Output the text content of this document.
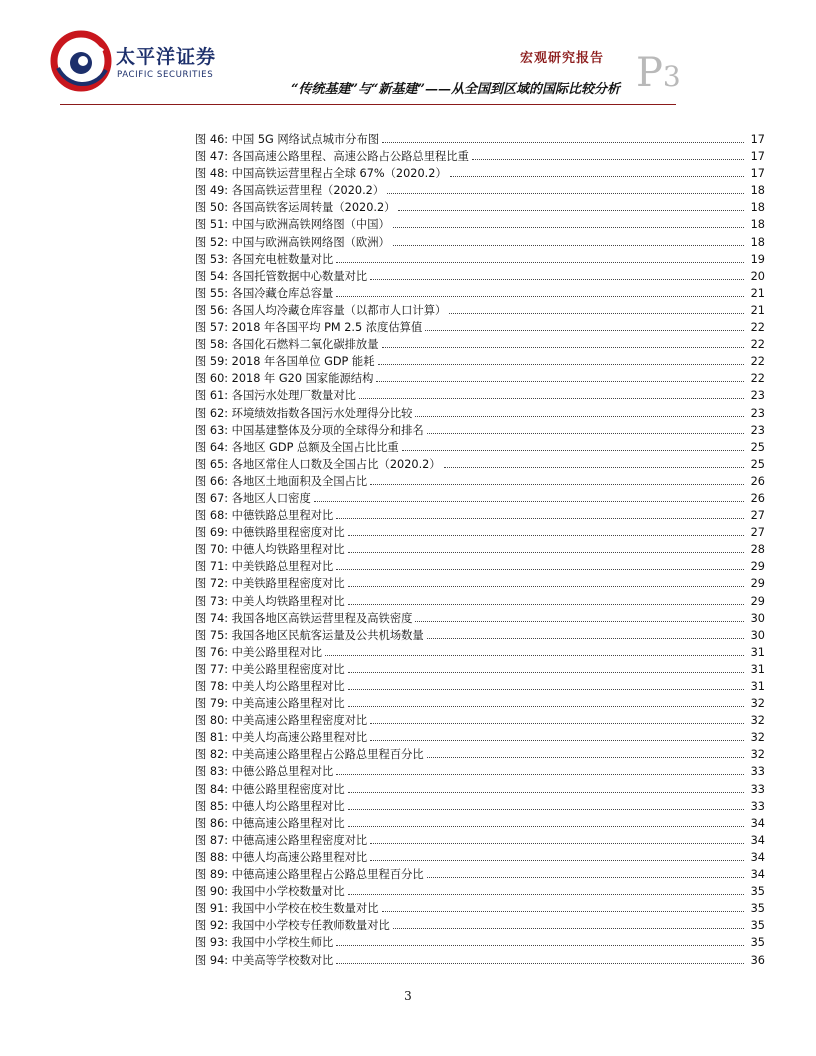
太平洋证券
PACIFIC SECURITIES
宏观研究报告 P3
“传统基建”与“新基建”——从全国到区域的国际比较分析
图 46: 中国 5G 网络试点城市分布图	17
图 47: 各国高速公路里程、高速公路占公路总里程比重	17
图 48: 中国高铁运营里程占全球 67%（2020.2）	17
图 49: 各国高铁运营里程（2020.2）	18
图 50: 各国高铁客运周转量（2020.2）	18
图 51: 中国与欧洲高铁网络图（中国）	18
图 52: 中国与欧洲高铁网络图（欧洲）	18
图 53: 各国充电桩数量对比	19
图 54: 各国托管数据中心数量对比	20
图 55: 各国冷藏仓库总容量	21
图 56: 各国人均冷藏仓库容量（以都市人口计算）	21
图 57: 2018 年各国平均 PM 2.5 浓度估算值	22
图 58: 各国化石燃料二氧化碳排放量	22
图 59: 2018 年各国单位 GDP 能耗	22
图 60: 2018 年 G20 国家能源结构	22
图 61: 各国污水处理厂数量对比	23
图 62: 环境绩效指数各国污水处理得分比较	23
图 63: 中国基建整体及分项的全球得分和排名	23
图 64: 各地区 GDP 总额及全国占比比重	25
图 65: 各地区常住人口数及全国占比（2020.2）	25
图 66: 各地区土地面积及全国占比	26
图 67: 各地区人口密度	26
图 68: 中德铁路总里程对比	27
图 69: 中德铁路里程密度对比	27
图 70: 中德人均铁路里程对比	28
图 71: 中美铁路总里程对比	29
图 72: 中美铁路里程密度对比	29
图 73: 中美人均铁路里程对比	29
图 74: 我国各地区高铁运营里程及高铁密度	30
图 75: 我国各地区民航客运量及公共机场数量	30
图 76: 中美公路里程对比	31
图 77: 中美公路里程密度对比	31
图 78: 中美人均公路里程对比	31
图 79: 中美高速公路里程对比	32
图 80: 中美高速公路里程密度对比	32
图 81: 中美人均高速公路里程对比	32
图 82: 中美高速公路里程占公路总里程百分比	32
图 83: 中德公路总里程对比	33
图 84: 中德公路里程密度对比	33
图 85: 中德人均公路里程对比	33
图 86: 中德高速公路里程对比	34
图 87: 中德高速公路里程密度对比	34
图 88: 中德人均高速公路里程对比	34
图 89: 中德高速公路里程占公路总里程百分比	34
图 90: 我国中小学校数量对比	35
图 91: 我国中小学校在校生数量对比	35
图 92: 我国中小学校专任教师数量对比	35
图 93: 我国中小学校生师比	35
图 94: 中美高等学校数对比	36
3
